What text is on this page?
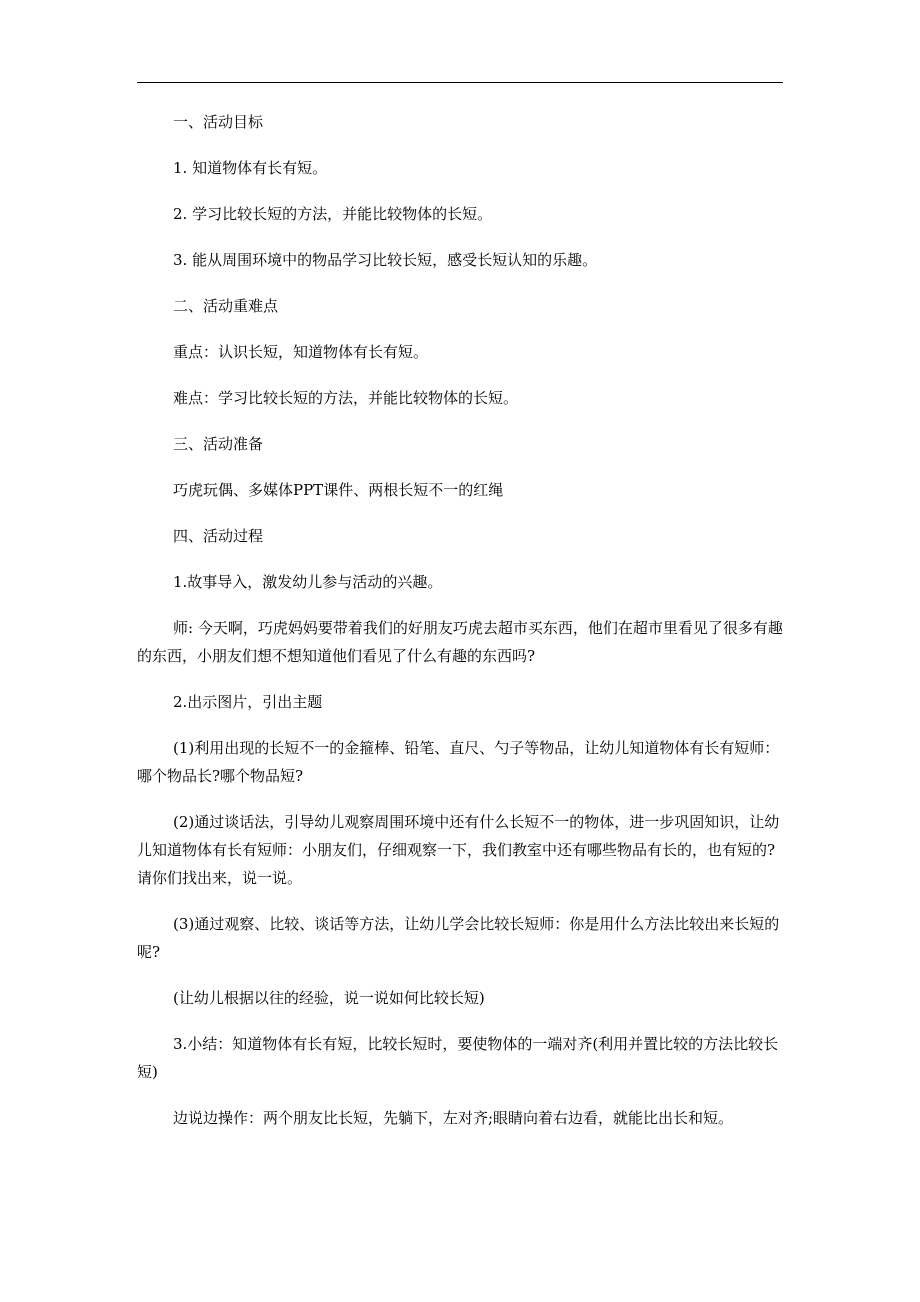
一、活动目标

1. 知道物体有长有短。

2. 学习比较长短的方法，并能比较物体的长短。

3. 能从周围环境中的物品学习比较长短，感受长短认知的乐趣。

二、活动重难点

重点：认识长短，知道物体有长有短。

难点：学习比较长短的方法，并能比较物体的长短。

三、活动准备

巧虎玩偶、多媒体PPT课件、两根长短不一的红绳

四、活动过程

1.故事导入，激发幼儿参与活动的兴趣。

师: 今天啊，巧虎妈妈要带着我们的好朋友巧虎去超市买东西，他们在超市里看见了很多有趣的东西，小朋友们想不想知道他们看见了什么有趣的东西吗?

2.出示图片，引出主题

(1)利用出现的长短不一的金箍棒、铅笔、直尺、勺子等物品，让幼儿知道物体有长有短师：哪个物品长?哪个物品短?

(2)通过谈话法，引导幼儿观察周围环境中还有什么长短不一的物体，进一步巩固知识，让幼儿知道物体有长有短师：小朋友们，仔细观察一下，我们教室中还有哪些物品有长的，也有短的?请你们找出来，说一说。

(3)通过观察、比较、谈话等方法，让幼儿学会比较长短师：你是用什么方法比较出来长短的呢?

(让幼儿根据以往的经验，说一说如何比较长短)

3.小结：知道物体有长有短，比较长短时，要使物体的一端对齐(利用并置比较的方法比较长短)

边说边操作：两个朋友比长短，先躺下，左对齐;眼睛向着右边看，就能比出长和短。
